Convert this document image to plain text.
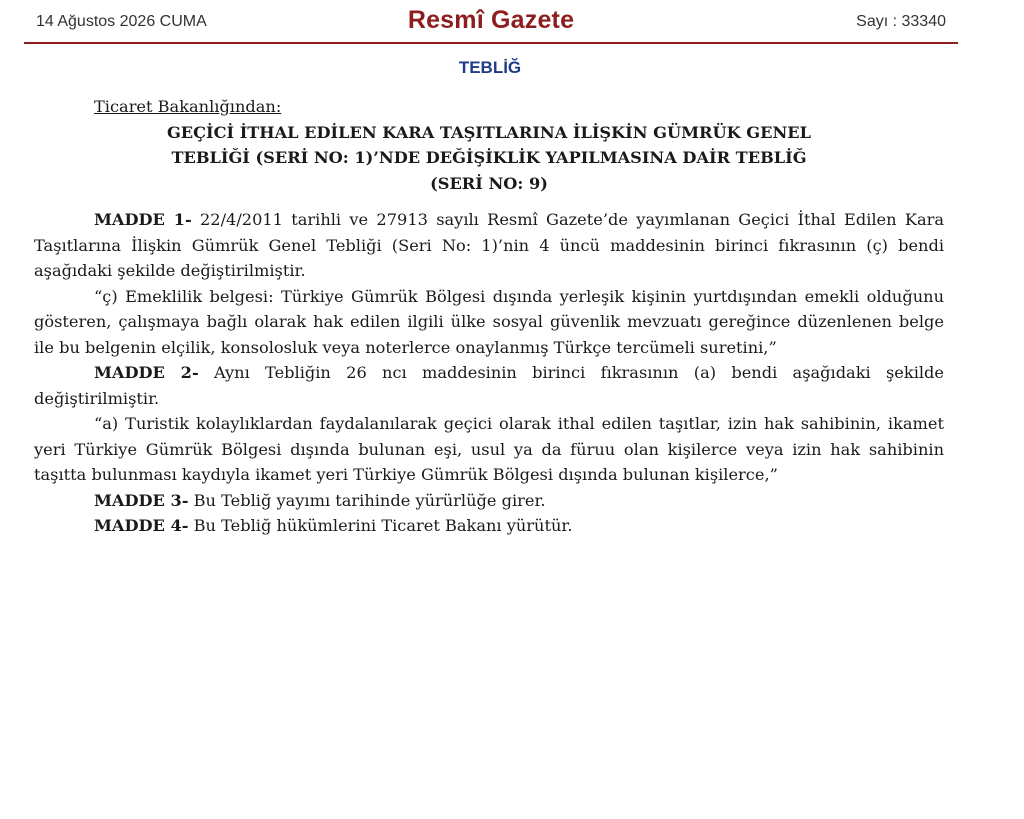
14 Ağustos 2026 CUMA	Resmî Gazete	Sayı : 33340
TEBLİĞ
Ticaret Bakanlığından:
GEÇİCİ İTHAL EDİLEN KARA TAŞITLARINA İLİŞKİN GÜMRÜK GENEL
TEBLİĞİ (SERİ NO: 1)’NDE DEĞİŞİKLİK YAPILMASINA DAİR TEBLİĞ
(SERİ NO: 9)

MADDE 1- 22/4/2011 tarihli ve 27913 sayılı Resmî Gazete’de yayımlanan Geçici İthal Edilen Kara Taşıtlarına İlişkin Gümrük Genel Tebliği (Seri No: 1)’nin 4 üncü maddesinin birinci fıkrasının (ç) bendi aşağıdaki şekilde değiştirilmiştir.

“ç) Emeklilik belgesi: Türkiye Gümrük Bölgesi dışında yerleşik kişinin yurtdışından emekli olduğunu gösteren, çalışmaya bağlı olarak hak edilen ilgili ülke sosyal güvenlik mevzuatı gereğince düzenlenen belge ile bu belgenin elçilik, konsolosluk veya noterlerce onaylanmış Türkçe tercümeli suretini,”

MADDE 2- Aynı Tebliğin 26 ncı maddesinin birinci fıkrasının (a) bendi aşağıdaki şekilde değiştirilmiştir.

“a) Turistik kolaylıklardan faydalanılarak geçici olarak ithal edilen taşıtlar, izin hak sahibinin, ikamet yeri Türkiye Gümrük Bölgesi dışında bulunan eşi, usul ya da füruu olan kişilerce veya izin hak sahibinin taşıtta bulunması kaydıyla ikamet yeri Türkiye Gümrük Bölgesi dışında bulunan kişilerce,”

MADDE 3- Bu Tebliğ yayımı tarihinde yürürlüğe girer.

MADDE 4- Bu Tebliğ hükümlerini Ticaret Bakanı yürütür.
